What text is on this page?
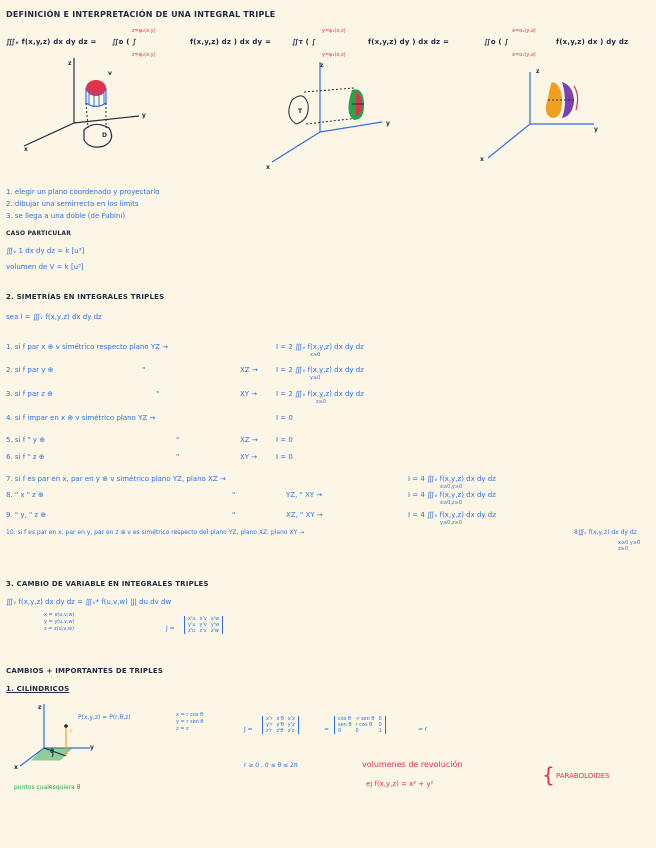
DEFINICIÓN E INTERPRETACIÓN DE UNA INTEGRAL TRIPLE
∭ᵥ f(x,y,z) dx dy dz = ∬ᴅ ( ∫
z=φ₂(x,y)
z=φ₁(x,y)
f(x,y,z) dz ) dx dy =	∬ᴛ ( ∫
y=ψ₂(x,z)
y=ψ₁(x,z)
f(x,y,z) dy ) dx dz =	∬ᴏ ( ∫
x=α₂(y,z)
x=α₁(y,z)
f(x,y,z) dx ) dy dz
z
v
D
y
x
T
z
y
x
z
y
x
1. elegir un plano coordenado y proyectarlo
2. dibujar una semirrecta en los limits
3. se llega a una doble (de Fubini)
CASO PARTICULAR
∭ᵥ 1 dx dy dz = k [u³]
volumen de V = k [u³]
2. SIMETRÍAS EN INTEGRALES TRIPLES
sea I = ∭ᵥ f(x,y,z) dx dy dz
1. si f par x ⊕ v simétrico respecto plano YZ →	I = 2 ∭ᵥ f(x,y,z) dx dy dz
x≥0
2. si f par y ⊕	"	XZ →	I = 2 ∭ᵥ f(x,y,z) dx dy dz
y≥0
3. si f par z ⊕	"	XY →	I = 2 ∭ᵥ f(x,y,z) dx dy dz
z≥0
4. si f impar en x ⊕ v simétrico plano YZ →	I = 0
5. si f " y ⊕	"	XZ →	I = 0
6. si f " z ⊕	"	XY →	I = 0
7. si f es par en x, par en y ⊕ v simétrico plano YZ, plano XZ →	I = 4 ∭ᵥ f(x,y,z) dx dy dz
x≥0,y≥0
8. " x " z ⊕	"	YZ, " XY →	I = 4 ∭ᵥ f(x,y,z) dx dy dz
x≥0,z≥0
9. " y, " z ⊕	"	XZ, " XY →	I = 4 ∭ᵥ f(x,y,z) dx dy dz
y≥0,z≥0
10. si f es par en x, par en y, par en z ⊕ v es simétrico respecto del plano YZ, plano XZ, plano XY →	8∭ᵥ f(x,y,z) dx dy dz
x≥0 y≥0 z≥0
3. CAMBIO DE VARIABLE EN INTEGRALES TRIPLES
∭ᵥ f(x,y,z) dx dy dz = ∭ᵥ* f(u,v,w) |J| du dv dw
x = x(u,v,w)
y = y(u,v,w)
z = z(u,v,w)	J =
x'u x'v x'w
y'u y'v y'w
z'u z'v z'w
CAMBIOS + IMPORTANTES DE TRIPLES
1. CILÍNDRICOS
z
r
θ
y
x
P(x,y,z) = P(r,θ,z)	x = r cos θ
y = r sen θ
z = z	J =
x'r x'θ x'z
y'r y'θ y'z
z'r z'θ z'z	=
cos θ -r sen θ 0
sen θ r cos θ	0
0	0	1	= r
r ≥ 0 , 0 ≤ θ ≤ 2π
puntos cualesquiera θ
volumenes de revolución
ej f(x,y,z) = x² + y²	{ PARABOLOIDES
